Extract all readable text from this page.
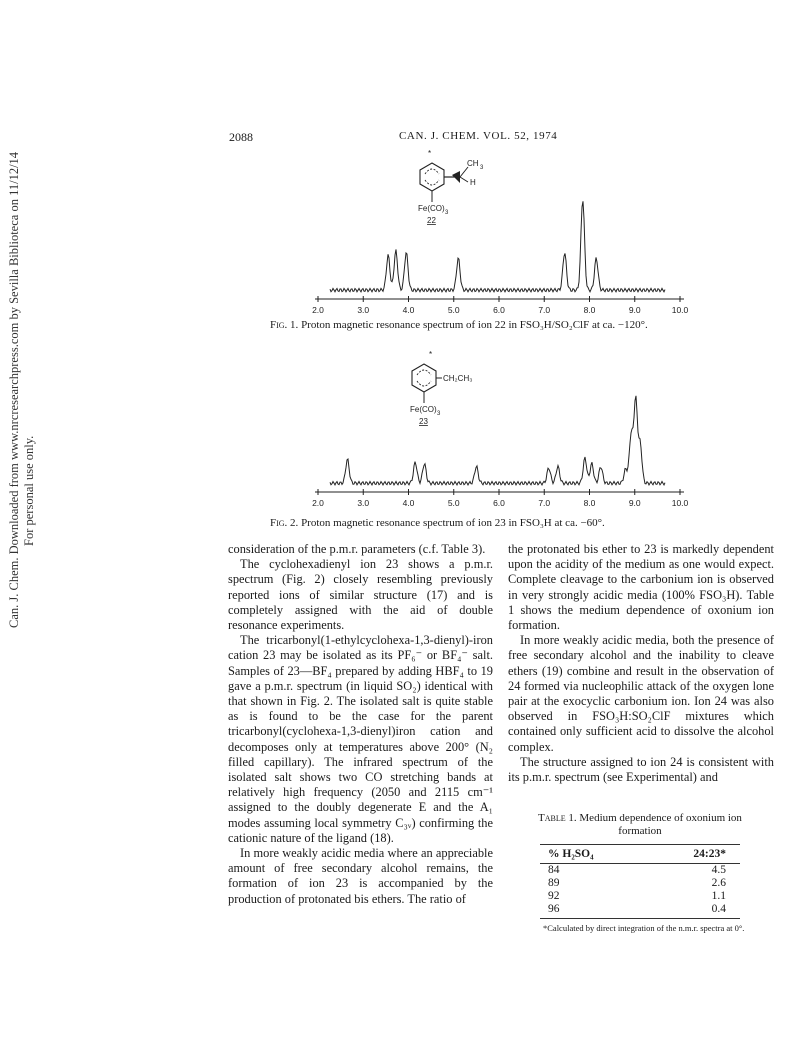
Can. J. Chem. Downloaded from www.nrcresearchpress.com by Sevilla Biblioteca on 11/12/14 For personal use only.
2088	CAN. J. CHEM. VOL. 52, 1974
*
CH 3
H
Fe(CO) 3
22
2.0	3.0	4.0	5.0	6.0	7.0	8.0	9.0	10.0
Fig. 1. Proton magnetic resonance spectrum of ion 22 in FSO₃H/SO₂ClF at ca. −120°.
*
CH₂CH₃
Fe(CO) 3
23
2.0	3.0	4.0	5.0	6.0	7.0	8.0	9.0	10.0
Fig. 2. Proton magnetic resonance spectrum of ion 23 in FSO₃H at ca. −60°.

consideration of the p.m.r. parameters (c.f. Table 3).

The cyclohexadienyl ion 23 shows a p.m.r. spectrum (Fig. 2) closely resembling previously reported ions of similar structure (17) and is completely assigned with the aid of double resonance experiments.

The tricarbonyl(1-ethylcyclohexa-1,3-dienyl)-iron cation 23 may be isolated as its PF₆⁻ or BF₄⁻ salt. Samples of 23—BF₄ prepared by adding HBF₄ to 19 gave a p.m.r. spectrum (in liquid SO₂) identical with that shown in Fig. 2. The isolated salt is quite stable as is found to be the case for the parent tricarbonyl(cyclohexa-1,3-dienyl)iron cation and decomposes only at temperatures above 200° (N₂ filled capillary). The infrared spectrum of the isolated salt shows two CO stretching bands at relatively high frequency (2050 and 2115 cm⁻¹ assigned to the doubly degenerate E and the A₁ modes assuming local symmetry C₃ᵥ) confirming the cationic nature of the ligand (18).

In more weakly acidic media where an appreciable amount of free secondary alcohol remains, the formation of ion 23 is accompanied by the production of protonated bis ethers. The ratio of

the protonated bis ether to 23 is markedly dependent upon the acidity of the medium as one would expect. Complete cleavage to the carbonium ion is observed in very strongly acidic media (100% FSO₃H). Table 1 shows the medium dependence of oxonium ion formation.

In more weakly acidic media, both the presence of free secondary alcohol and the inability to cleave ethers (19) combine and result in the observation of 24 formed via nucleophilic attack of the oxygen lone pair at the exocyclic carbonium ion. Ion 24 was also observed in FSO₃H:SO₂ClF mixtures which contained only sufficient acid to dissolve the alcohol complex.

The structure assigned to ion 24 is consistent with its p.m.r. spectrum (see Experimental) and

Table 1. Medium dependence of oxonium ion formation
% H₂SO₄	24:23*
84	4.5
89	2.6
92	1.1
96	0.4
*Calculated by direct integration of the n.m.r. spectra at 0°.
